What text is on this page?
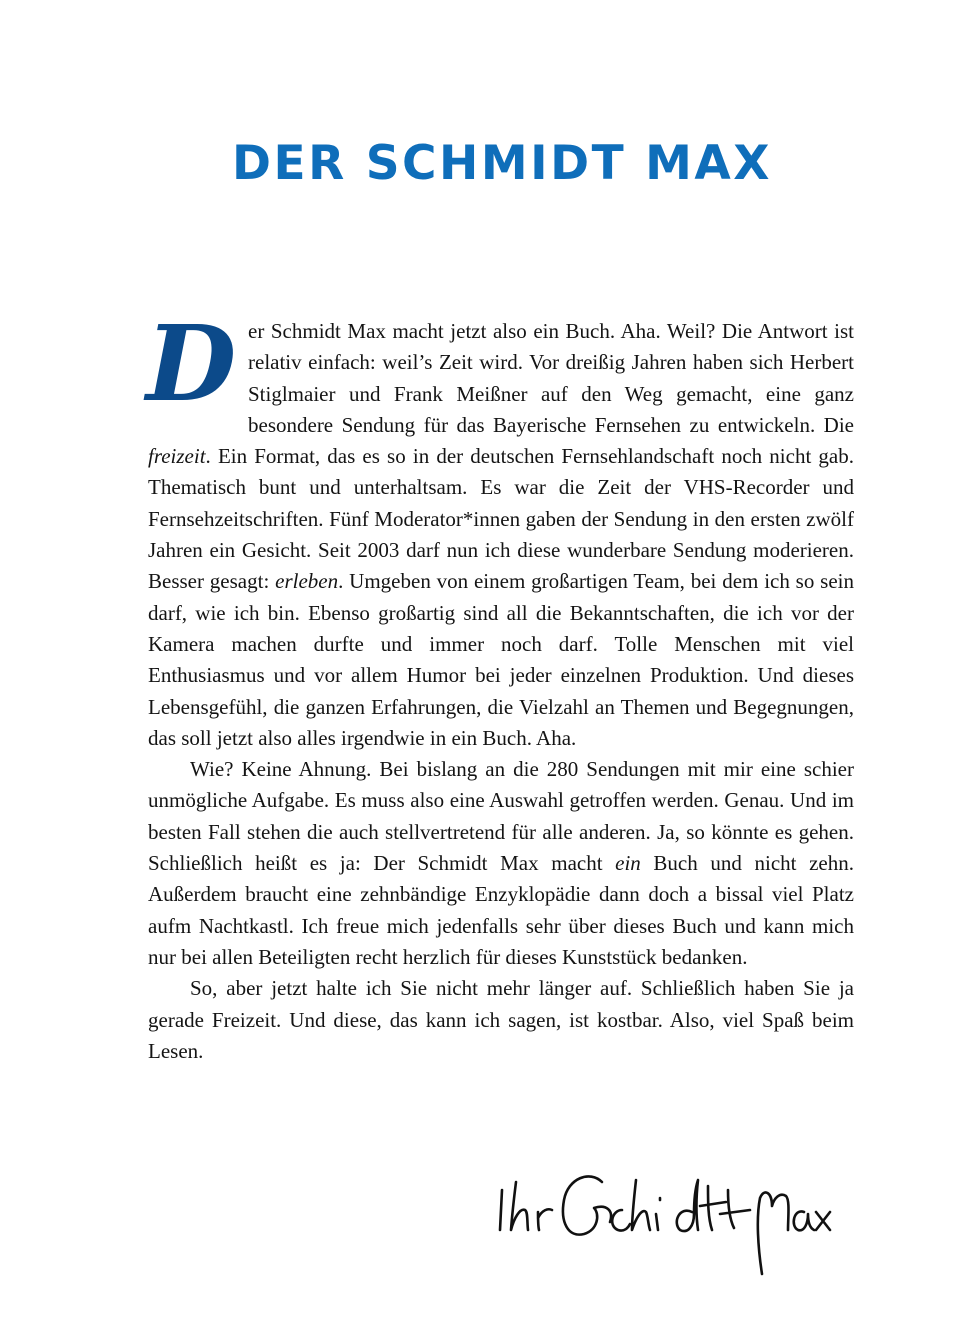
DER SCHMIDT MAX

D er Schmidt Max macht jetzt also ein Buch. Aha. Weil? Die Antwort ist relativ einfach: weil’s Zeit wird. Vor dreißig Jahren haben sich Herbert Stiglmaier und Frank Meißner auf den Weg gemacht, eine ganz besondere Sendung für das Bayerische Fernsehen zu entwickeln. Die freizeit. Ein Format, das es so in der deutschen Fernsehlandschaft noch nicht gab. Thematisch bunt und unterhaltsam. Es war die Zeit der VHS-Recorder und Fernsehzeitschriften. Fünf Moderator*innen gaben der Sendung in den ersten zwölf Jahren ein Gesicht. Seit 2003 darf nun ich diese wunderbare Sendung moderieren. Besser gesagt: erleben. Umgeben von einem großartigen Team, bei dem ich so sein darf, wie ich bin. Ebenso großartig sind all die Bekanntschaften, die ich vor der Kamera machen durfte und immer noch darf. Tolle Menschen mit viel Enthusiasmus und vor allem Humor bei jeder einzelnen Produktion. Und dieses Lebensgefühl, die ganzen Erfahrungen, die Vielzahl an Themen und Begegnungen, das soll jetzt also alles irgendwie in ein Buch. Aha.

Wie? Keine Ahnung. Bei bislang an die 280 Sendungen mit mir eine schier unmögliche Aufgabe. Es muss also eine Auswahl getroffen werden. Genau. Und im besten Fall stehen die auch stellvertretend für alle anderen. Ja, so könnte es gehen. Schließlich heißt es ja: Der Schmidt Max macht ein Buch und nicht zehn. Außerdem braucht eine zehnbändige Enzyklopädie dann doch a bissal viel Platz aufm Nachtkastl. Ich freue mich jedenfalls sehr über dieses Buch und kann mich nur bei allen Beteiligten recht herzlich für dieses Kunststück bedanken.

So, aber jetzt halte ich Sie nicht mehr länger auf. Schließlich haben Sie ja gerade Freizeit. Und diese, das kann ich sagen, ist kostbar. Also, viel Spaß beim Lesen.
